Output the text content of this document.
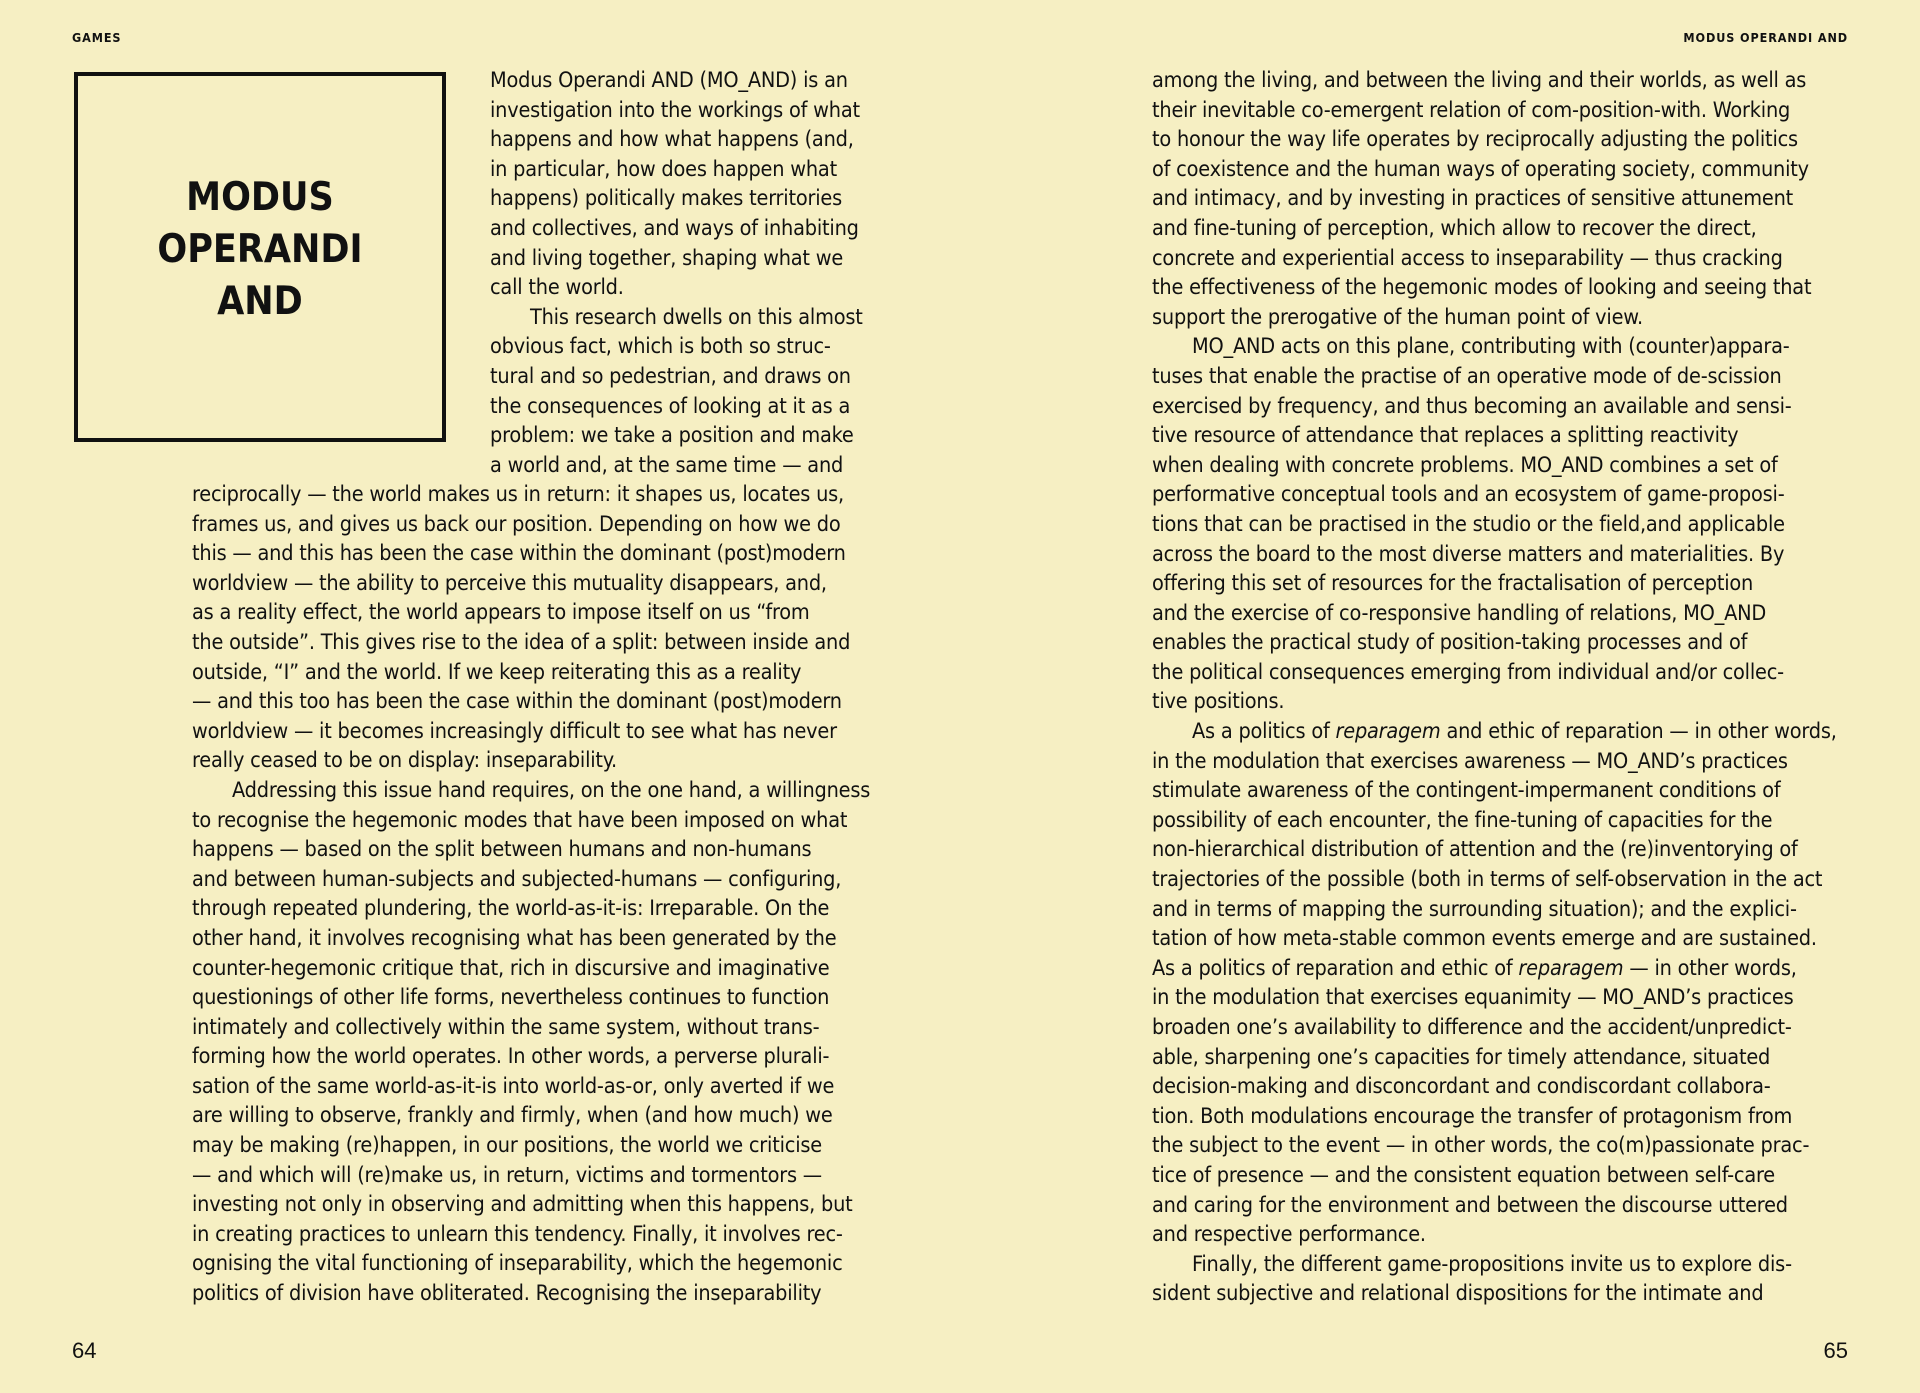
GAMES	MODUS OPERANDI AND
MODUS
OPERANDI
AND
Modus Operandi AND (MO_AND) is an
investigation into the workings of what
happens and how what happens (and,
in particular, how does happen what
happens) politically makes territories
and collectives, and ways of inhabiting
and living together, shaping what we
call the world.
This research dwells on this almost
obvious fact, which is both so struc-
tural and so pedestrian, and draws on
the consequences of looking at it as a
problem: we take a position and make
a world and, at the same time — and
reciprocally — the world makes us in return: it shapes us, locates us,
frames us, and gives us back our position. Depending on how we do
this — and this has been the case within the dominant (post)modern
worldview — the ability to perceive this mutuality disappears, and,
as a reality effect, the world appears to impose itself on us “from
the outside”. This gives rise to the idea of a split: between inside and
outside, “I” and the world. If we keep reiterating this as a reality
— and this too has been the case within the dominant (post)modern
worldview — it becomes increasingly difficult to see what has never
really ceased to be on display: inseparability.
Addressing this issue hand requires, on the one hand, a willingness
to recognise the hegemonic modes that have been imposed on what
happens — based on the split between humans and non-humans
and between human-subjects and subjected-humans — configuring,
through repeated plundering, the world-as-it-is: Irreparable. On the
other hand, it involves recognising what has been generated by the
counter-hegemonic critique that, rich in discursive and imaginative
questionings of other life forms, nevertheless continues to function
intimately and collectively within the same system, without trans-
forming how the world operates. In other words, a perverse plurali-
sation of the same world-as-it-is into world-as-or, only averted if we
are willing to observe, frankly and firmly, when (and how much) we
may be making (re)happen, in our positions, the world we criticise
— and which will (re)make us, in return, victims and tormentors —
investing not only in observing and admitting when this happens, but
in creating practices to unlearn this tendency. Finally, it involves rec-
ognising the vital functioning of inseparability, which the hegemonic
politics of division have obliterated. Recognising the inseparability
among the living, and between the living and their worlds, as well as
their inevitable co-emergent relation of com-position-with. Working
to honour the way life operates by reciprocally adjusting the politics
of coexistence and the human ways of operating society, community
and intimacy, and by investing in practices of sensitive attunement
and fine-tuning of perception, which allow to recover the direct,
concrete and experiential access to inseparability — thus cracking
the effectiveness of the hegemonic modes of looking and seeing that
support the prerogative of the human point of view.
MO_AND acts on this plane, contributing with (counter)appara-
tuses that enable the practise of an operative mode of de-scission
exercised by frequency, and thus becoming an available and sensi-
tive resource of attendance that replaces a splitting reactivity
when dealing with concrete problems. MO_AND combines a set of
performative conceptual tools and an ecosystem of game-proposi-
tions that can be practised in the studio or the field,and applicable
across the board to the most diverse matters and materialities. By
offering this set of resources for the fractalisation of perception
and the exercise of co-responsive handling of relations, MO_AND
enables the practical study of position-taking processes and of
the political consequences emerging from individual and/or collec-
tive positions.
As a politics of reparagem and ethic of reparation — in other words,
in the modulation that exercises awareness — MO_AND’s practices
stimulate awareness of the contingent-impermanent conditions of
possibility of each encounter, the fine-tuning of capacities for the
non-hierarchical distribution of attention and the (re)inventorying of
trajectories of the possible (both in terms of self-observation in the act
and in terms of mapping the surrounding situation); and the explici-
tation of how meta-stable common events emerge and are sustained.
As a politics of reparation and ethic of reparagem — in other words,
in the modulation that exercises equanimity — MO_AND’s practices
broaden one’s availability to difference and the accident/unpredict-
able, sharpening one’s capacities for timely attendance, situated
decision-making and disconcordant and condiscordant collabora-
tion. Both modulations encourage the transfer of protagonism from
the subject to the event — in other words, the co(m)passionate prac-
tice of presence — and the consistent equation between self-care
and caring for the environment and between the discourse uttered
and respective performance.
Finally, the different game-propositions invite us to explore dis-
sident subjective and relational dispositions for the intimate and
64	65
